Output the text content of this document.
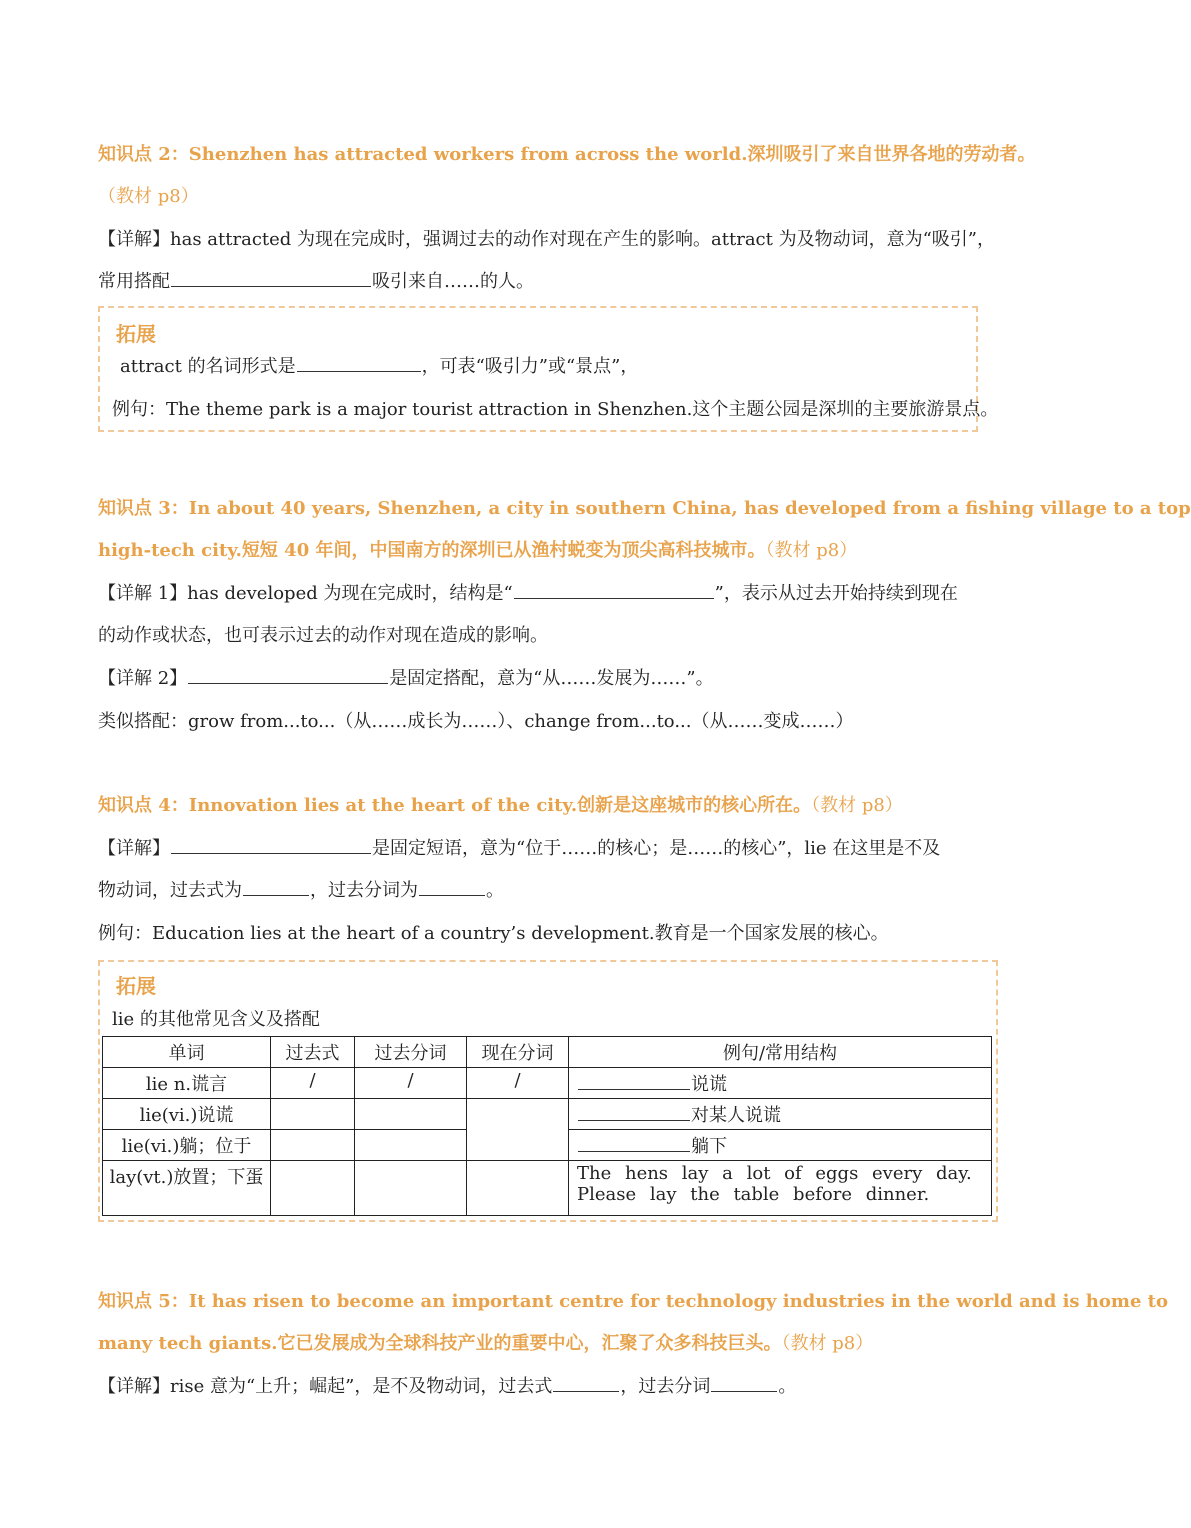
知识点 2：Shenzhen has attracted workers from across the world.深圳吸引了来自世界各地的劳动者。
（教材 p8）
【详解】has attracted 为现在完成时，强调过去的动作对现在产生的影响。attract 为及物动词，意为“吸引”，
常用搭配	吸引来自……的人。
拓展
attract 的名词形式是	，可表“吸引力”或“景点”，
例句：The theme park is a major tourist attraction in Shenzhen.这个主题公园是深圳的主要旅游景点。
知识点 3：In about 40 years, Shenzhen, a city in southern China, has developed from a fishing village to a top
high-tech city.短短 40 年间，中国南方的深圳已从渔村蜕变为顶尖高科技城市。（教材 p8）
【详解 1】has developed 为现在完成时，结构是“	”，表示从过去开始持续到现在
的动作或状态，也可表示过去的动作对现在造成的影响。
【详解 2】	是固定搭配，意为“从……发展为……”。
类似搭配：grow from...to...（从……成长为……）、change from...to...（从……变成……）
知识点 4：Innovation lies at the heart of the city.创新是这座城市的核心所在。（教材 p8）
【详解】	是固定短语，意为“位于……的核心；是……的核心”，lie 在这里是不及
物动词，过去式为	，过去分词为	。
例句：Education lies at the heart of a country’s development.教育是一个国家发展的核心。
拓展
lie 的其他常见含义及搭配
单词	过去式	过去分词	现在分词	例句/常用结构
lie n.谎言	/	/	/	说谎
lie(vi.)说谎				对某人说谎
lie(vi.)躺；位于				躺下
lay(vt.)放置；下蛋				The hens lay a lot of eggs every day.
Please lay the table before dinner.
知识点 5：It has risen to become an important centre for technology industries in the world and is home to
many tech giants.它已发展成为全球科技产业的重要中心，汇聚了众多科技巨头。（教材 p8）
【详解】rise 意为“上升；崛起”，是不及物动词，过去式	，过去分词	。
